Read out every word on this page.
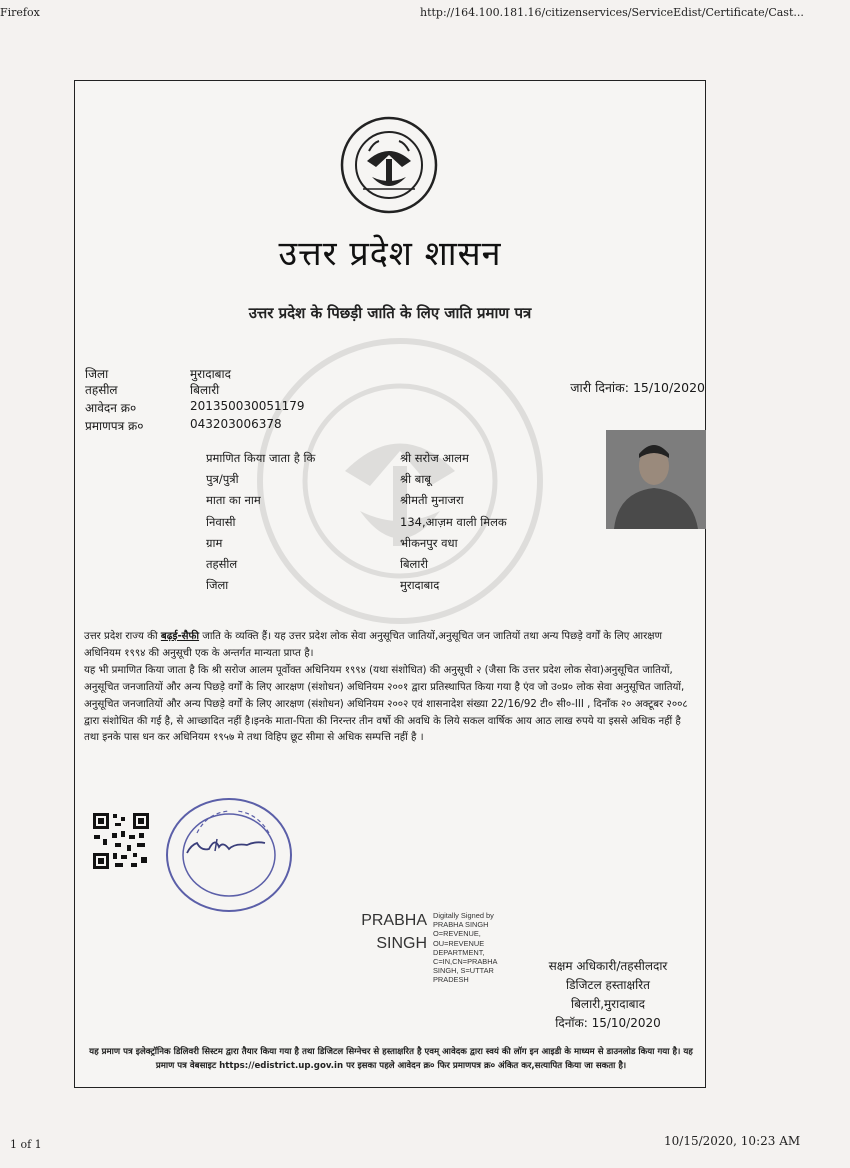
Firefox	http://164.100.181.16/citizenservices/ServiceEdist/Certificate/Cast...
1 of 1	10/15/2020, 10:23 AM
उत्तर प्रदेश शासन
उत्तर प्रदेश के पिछड़ी जाति के लिए जाति प्रमाण पत्र
जिला	मुरादाबाद
तहसील	बिलारी
आवेदन क्र०	201350030051179
प्रमाणपत्र क्र०	043203006378
जारी दिनांक: 15/10/2020
प्रमाणित किया जाता है कि	श्री सरोज आलम
पुत्र/पुत्री	श्री बाबू
माता का नाम	श्रीमती मुनाजरा
निवासी	134,आज़म वाली मिलक
ग्राम	भीकनपुर वधा
तहसील	बिलारी
जिला	मुरादाबाद
उत्तर प्रदेश राज्य की बढ़ई-सैफी जाति के व्यक्ति हैं। यह उत्तर प्रदेश लोक सेवा अनुसूचित जातियों,अनुसूचित जन जातियों तथा अन्य पिछड़े वर्गों के लिए आरक्षण अधिनियम १९९४ की अनुसूची एक के अन्तर्गत मान्यता प्राप्त है।
यह भी प्रमाणित किया जाता है कि श्री सरोज आलम पूर्वोक्त अधिनियम १९९४ (यथा संशोधित) की अनुसूची २ (जैसा कि उत्तर प्रदेश लोक सेवा)अनुसूचित जातियों, अनुसूचित जनजातियों और अन्य पिछड़े वर्गों के लिए आरक्षण (संशोधन) अधिनियम २००१ द्वारा प्रतिस्थापित किया गया है एंव जो उ०प्र० लोक सेवा अनुसूचित जातियों, अनुसूचित जनजातियों और अन्य पिछड़े वर्गों के लिए आरक्षण (संशोधन) अधिनियम २००२ एवं शासनादेश संख्या 22/16/92 टी० सी०-III , दिनाँक २० अक्टूबर २००८ द्वारा संशोधित की गई है, से आच्छादित नहीं है।इनके माता-पिता की निरन्तर तीन वर्षो की अवधि के लिये सकल वार्षिक आय आठ लाख रुपये या इससे अधिक नहीं है तथा इनके पास धन कर अधिनियम १९५७ मे तथा विहिप छूट सीमा से अधिक सम्पत्ति नहीं है ।
PRABHA
SINGH
Digitally Signed by PRABHA SINGH O=REVENUE, OU=REVENUE DEPARTMENT, C=IN,CN=PRABHA SINGH, S=UTTAR PRADESH
सक्षम अधिकारी/तहसीलदार
डिजिटल हस्ताक्षरित
बिलारी,मुरादाबाद
दिनॉक: 15/10/2020
यह प्रमाण पत्र इलेक्ट्रॉनिक डिलिवरी सिस्टम द्वारा तैयार किया गया है तथा डिजिटल सिग्नेचर से हस्ताक्षरित है एवम् आवेदक द्वारा स्वयं की लॉग इन आइडी के माध्यम से डाउनलोड किया गया है। यह प्रमाण पत्र वेबसाइट https://edistrict.up.gov.in पर इसका पहले आवेदन क्र० फिर प्रमाणपत्र क्र० अंकित कर,सत्यापित किया जा सकता है।
